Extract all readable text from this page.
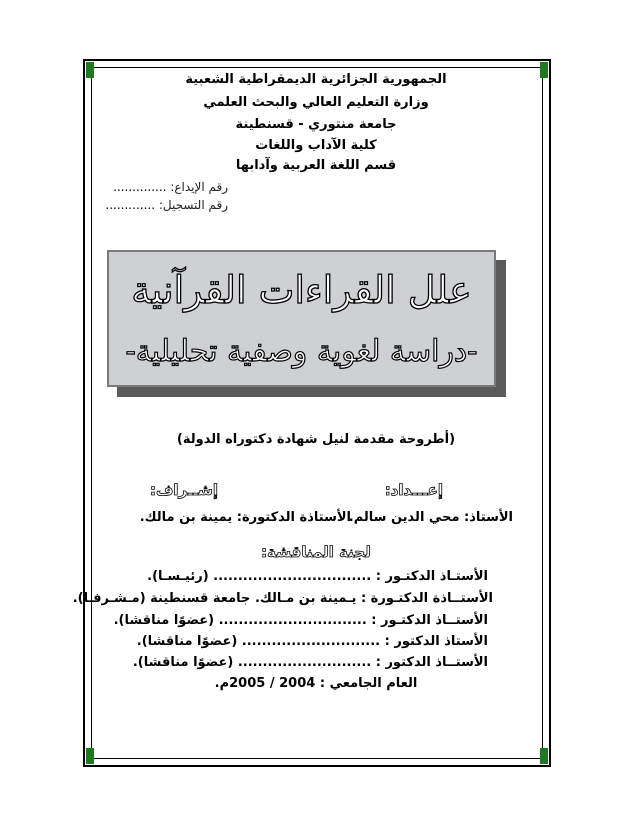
الجمهورية الجزائرية الديمقراطية الشعبية
وزارة التعليم العالي والبحث العلمي
جامعة منتوري - قسنطينة
كلية الآداب واللغات
قسم اللغة العربية وآدابها
رقم الإيداع: ..............
رقم التسجيل: .............
علل القراءات القرآنية
-دراسة لغوية وصفية تحليلية-
(أطروحة مقدمة لنيل شهادة دكتوراه الدولة)
إعـــداد:
إشــراف:
الأستاذ: محي الدين سالم.
الأستاذة الدكتورة: يمينة بن مالك.
لجنة المناقشة:
الأستـاذ الدكتـور : ................................ (رئيـسـا).
الأستــاذة الدكتـورة : يـمينة بن مـالك. جامعة قسنطينة (مـشـرفـا).
الأستــاذ الدكتـور : .............................. (عضوًا مناقشا).
الأستاذ الدكتور : ............................ (عضوًا مناقشا).
الأستــاذ الدكتور : ........................... (عضوًا مناقشا).
العام الجامعي : 2004 / 2005م.
